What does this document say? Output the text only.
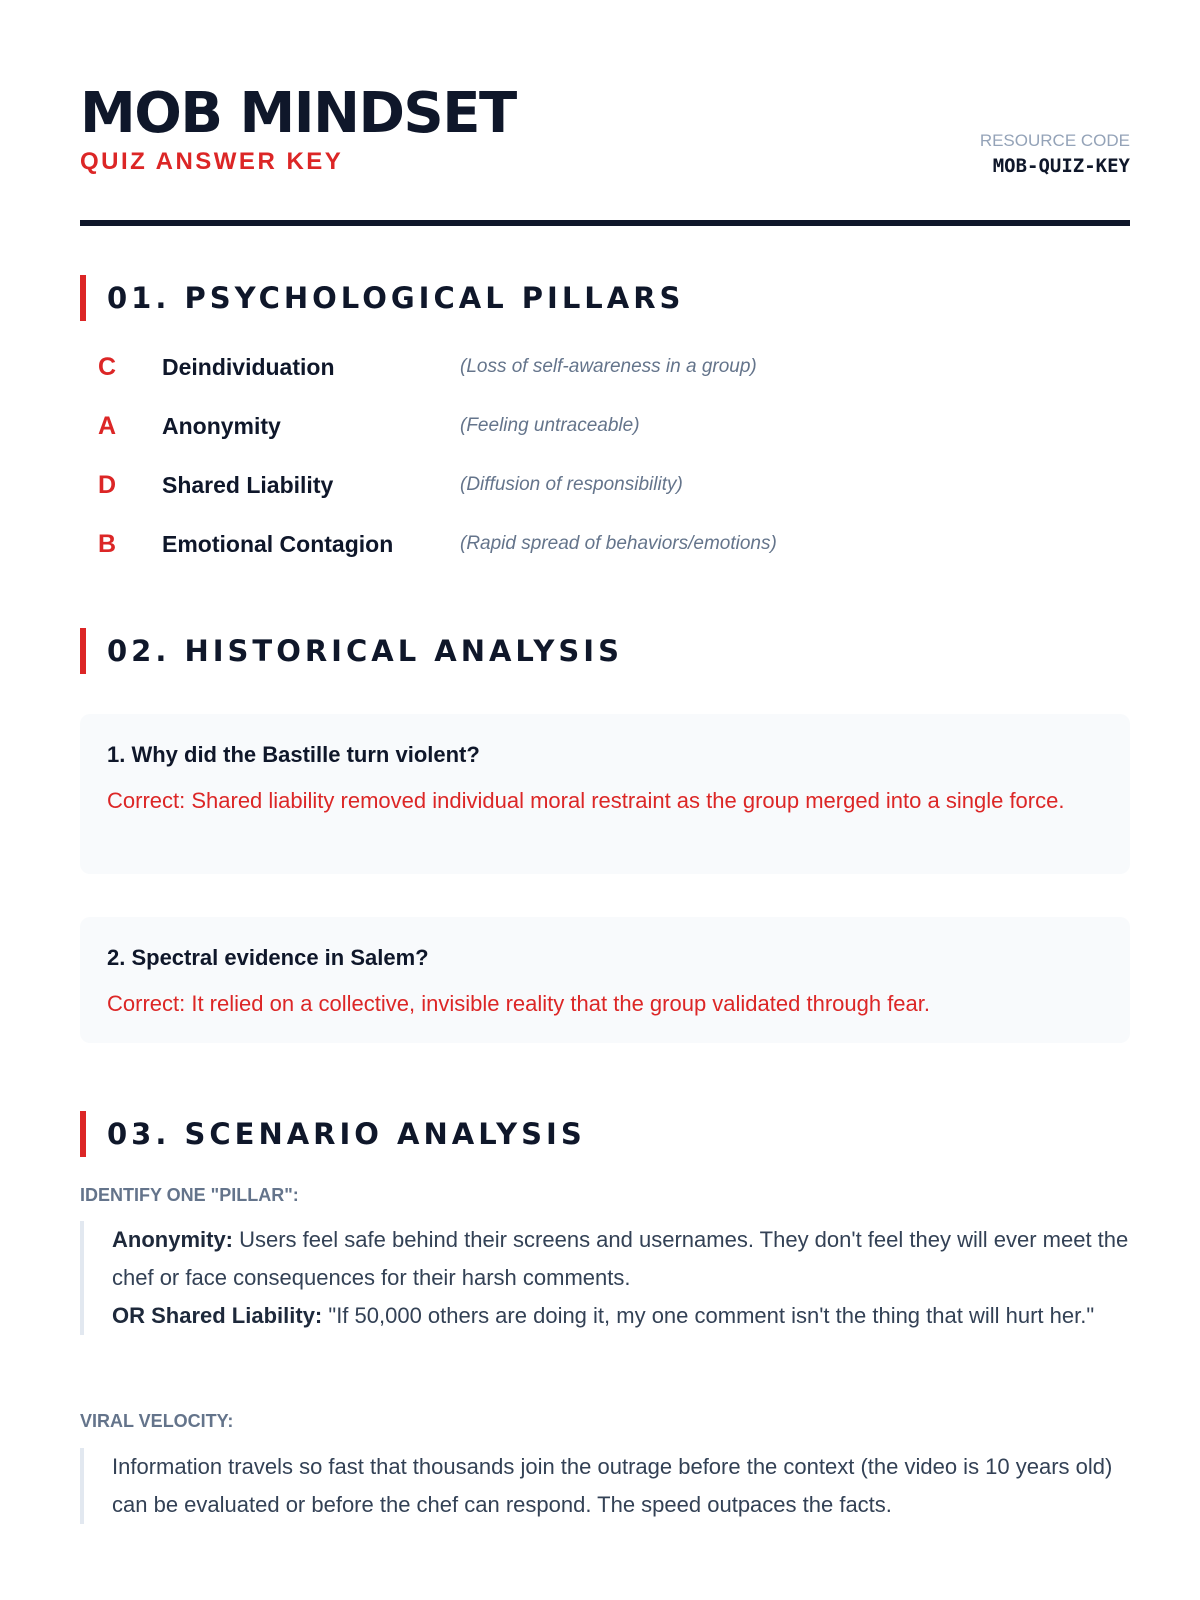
MOB MINDSET
QUIZ ANSWER KEY
RESOURCE CODE
MOB-QUIZ-KEY
01. PSYCHOLOGICAL PILLARS
C Deindividuation	(Loss of self-awareness in a group)
A Anonymity	(Feeling untraceable)
D Shared Liability	(Diffusion of responsibility)
B Emotional Contagion	(Rapid spread of behaviors/emotions)
02. HISTORICAL ANALYSIS
1. Why did the Bastille turn violent?
Correct: Shared liability removed individual moral restraint as the group merged into a single force.
2. Spectral evidence in Salem?
Correct: It relied on a collective, invisible reality that the group validated through fear.
03. SCENARIO ANALYSIS
IDENTIFY ONE "PILLAR":
Anonymity: Users feel safe behind their screens and usernames. They don't feel they will ever meet the chef or face consequences for their harsh comments.
OR Shared Liability: "If 50,000 others are doing it, my one comment isn't the thing that will hurt her."
VIRAL VELOCITY:
Information travels so fast that thousands join the outrage before the context (the video is 10 years old) can be evaluated or before the chef can respond. The speed outpaces the facts.
